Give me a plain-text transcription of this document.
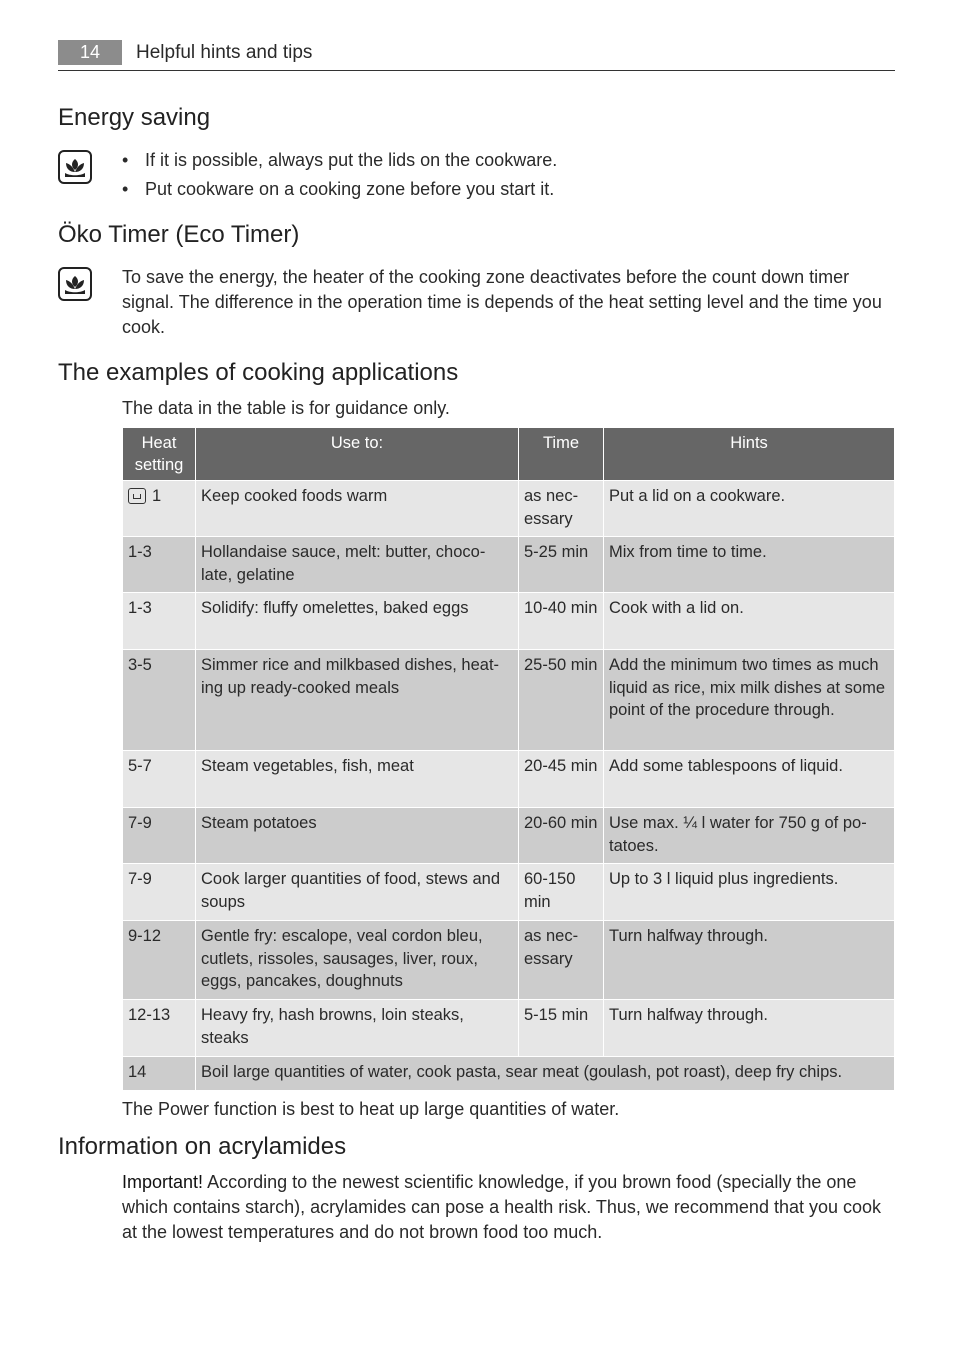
14	Helpful hints and tips
Energy saving
• If it is possible, always put the lids on the cookware.
• Put cookware on a cooking zone before you start it.
Öko Timer (Eco Timer)

To save the energy, the heater of the cooking zone deactivates before the count down timer signal. The difference in the operation time is depends of the heat setting level and the time you cook.

The examples of cooking applications

The data in the table is for guidance only.

Heat setting	Use to:	Time	Hints
1	Keep cooked foods warm	as nec-essary	Put a lid on a cookware.
1-3	Hollandaise sauce, melt: butter, choco-late, gelatine	5-25 min	Mix from time to time.
1-3	Solidify: fluffy omelettes, baked eggs	10-40 min	Cook with a lid on.
3-5	Simmer rice and milkbased dishes, heat-ing up ready-cooked meals	25-50 min	Add the minimum two times as much liquid as rice, mix milk dishes at some point of the procedure through.
5-7	Steam vegetables, fish, meat	20-45 min	Add some tablespoons of liquid.
7-9	Steam potatoes	20-60 min	Use max. ¼ l water for 750 g of po-tatoes.
7-9	Cook larger quantities of food, stews and soups	60-150 min	Up to 3 l liquid plus ingredients.
9-12	Gentle fry: escalope, veal cordon bleu, cutlets, rissoles, sausages, liver, roux, eggs, pancakes, doughnuts	as nec-essary	Turn halfway through.
12-13	Heavy fry, hash browns, loin steaks, steaks	5-15 min	Turn halfway through.
14	Boil large quantities of water, cook pasta, sear meat (goulash, pot roast), deep fry chips.		

The Power function is best to heat up large quantities of water.

Information on acrylamides

Important! According to the newest scientific knowledge, if you brown food (specially the one which contains starch), acrylamides can pose a health risk. Thus, we recommend that you cook at the lowest temperatures and do not brown food too much.
